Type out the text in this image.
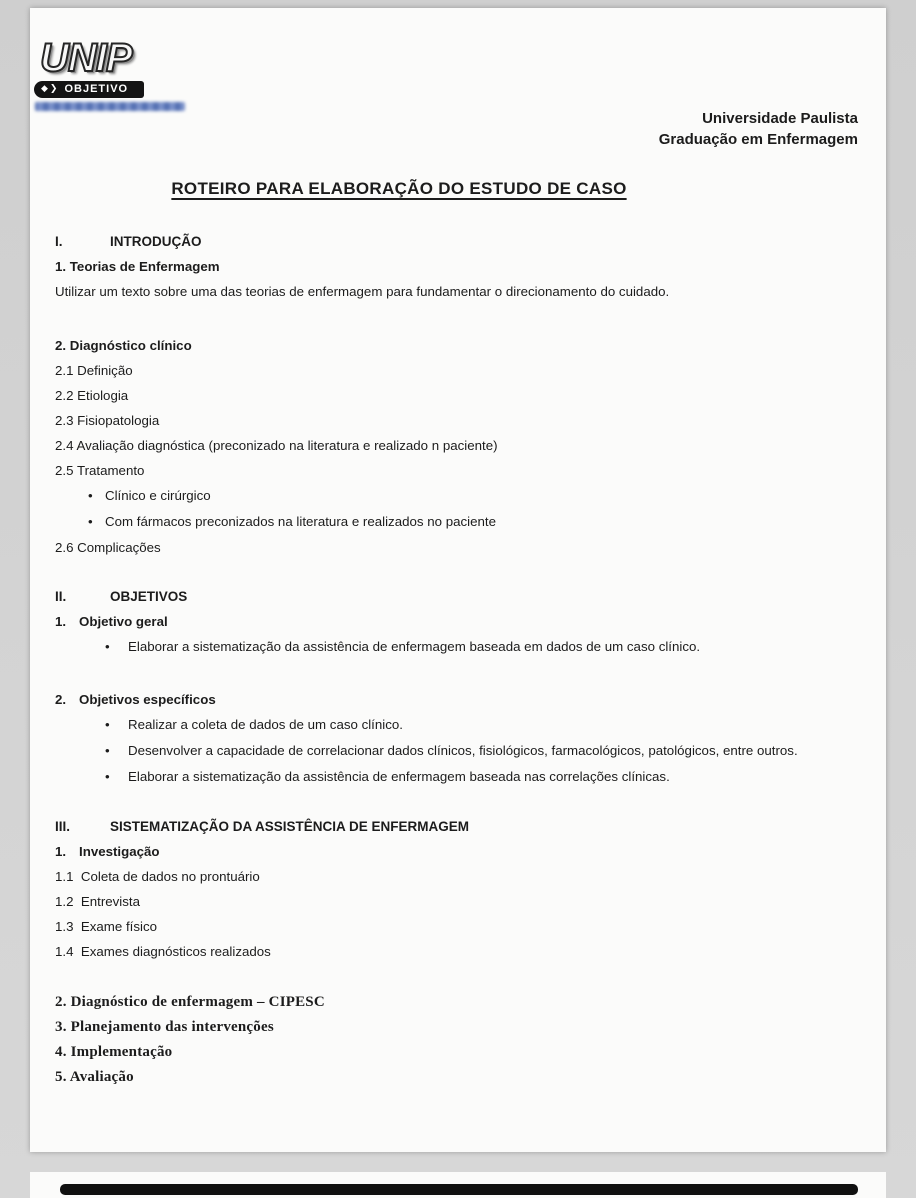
UNIP
◆❯ OBJETIVO
Universidade Paulista
Graduação em Enfermagem
ROTEIRO PARA ELABORAÇÃO DO ESTUDO DE CASO
I.	INTRODUÇÃO
1. Teorias de Enfermagem
Utilizar um texto sobre uma das teorias de enfermagem para fundamentar o direcionamento do cuidado.
2. Diagnóstico clínico
2.1 Definição
2.2 Etiologia
2.3 Fisiopatologia
2.4 Avaliação diagnóstica (preconizado na literatura e realizado n paciente)
2.5 Tratamento
• Clínico e cirúrgico
• Com fármacos preconizados na literatura e realizados no paciente
2.6 Complicações
II.	OBJETIVOS
1. Objetivo geral
• Elaborar a sistematização da assistência de enfermagem baseada em dados de um caso clínico.
2. Objetivos específicos
• Realizar a coleta de dados de um caso clínico.
• Desenvolver a capacidade de correlacionar dados clínicos, fisiológicos, farmacológicos, patológicos, entre outros.
• Elaborar a sistematização da assistência de enfermagem baseada nas correlações clínicas.
III.	SISTEMATIZAÇÃO DA ASSISTÊNCIA DE ENFERMAGEM
1. Investigação
1.1  Coleta de dados no prontuário
1.2  Entrevista
1.3  Exame físico
1.4  Exames diagnósticos realizados
2. Diagnóstico de enfermagem – CIPESC
3. Planejamento das intervenções
4. Implementação
5. Avaliação
